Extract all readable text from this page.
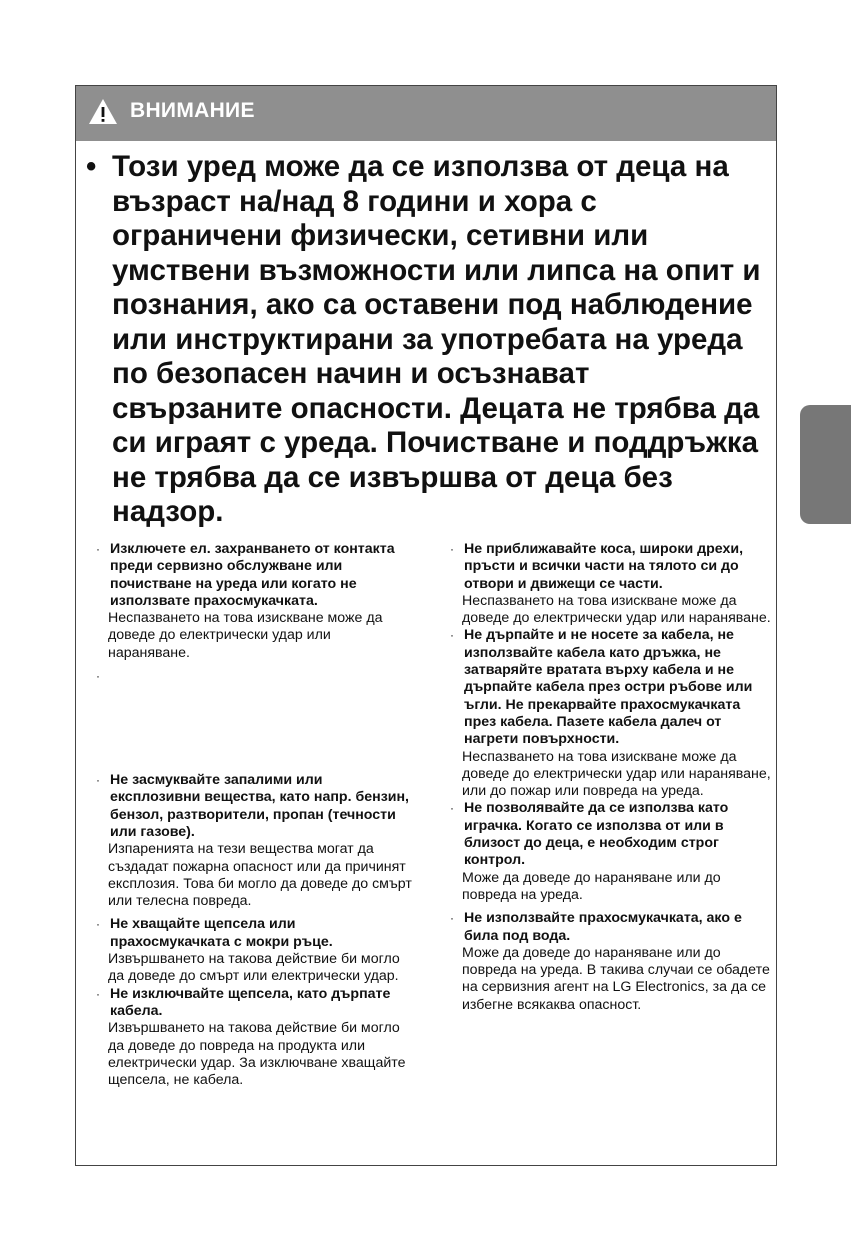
ВНИМАНИЕ

• Този уред може да се използва от деца на възраст на/над 8 години и хора с ограничени физически, сетивни или умствени възможности или липса на опит и познания, ако са оставени под наблюдение или инструктирани за употребата на уреда по безопасен начин и осъзнават свързаните опасности. Децата не трябва да си играят с уреда. Почистване и поддръжка не трябва да се извършва от деца без надзор.

· Изключете ел. захранването от контакта преди сервизно обслужване или почистване на уреда или когато не използвате прахосмукачката.
Неспазването на това изискване може да доведе до електрически удар или нараняване.
·
· Не засмуквайте запалими или експлозивни вещества, като напр. бензин, бензол, разтворители, пропан (течности или газове).
Изпаренията на тези вещества могат да създадат пожарна опасност или да причинят експлозия. Това би могло да доведе до смърт или телесна повреда.
· Не хващайте щепсела или прахосмукачката с мокри ръце.
Извършването на такова действие би могло да доведе до смърт или електрически удар.
· Не изключвайте щепсела, като дърпате кабела.
Извършването на такова действие би могло да доведе до повреда на продукта или електрически удар. За изключване хващайте щепсела, не кабела.
· Не приближавайте коса, широки дрехи, пръсти и всички части на тялото си до отвори и движещи се части.
Неспазването на това изискване може да доведе до електрически удар или нараняване.
· Не дърпайте и не носете за кабела, не използвайте кабела като дръжка, не затваряйте вратата върху кабела и не дърпайте кабела през остри ръбове или ъгли. Не прекарвайте прахосмукачката през кабела. Пазете кабела далеч от нагрети повърхности.
Неспазването на това изискване може да доведе до електрически удар или нараняване, или до пожар или повреда на уреда.
· Не позволявайте да се използва като играчка. Когато се използва от или в близост до деца, е необходим строг контрол.
Може да доведе до нараняване или до повреда на уреда.
· Не използвайте прахосмукачката, ако е била под вода.
Може да доведе до нараняване или до повреда на уреда. В такива случаи се обадете на сервизния агент на LG Electronics, за да се избегне всякаква опасност.
